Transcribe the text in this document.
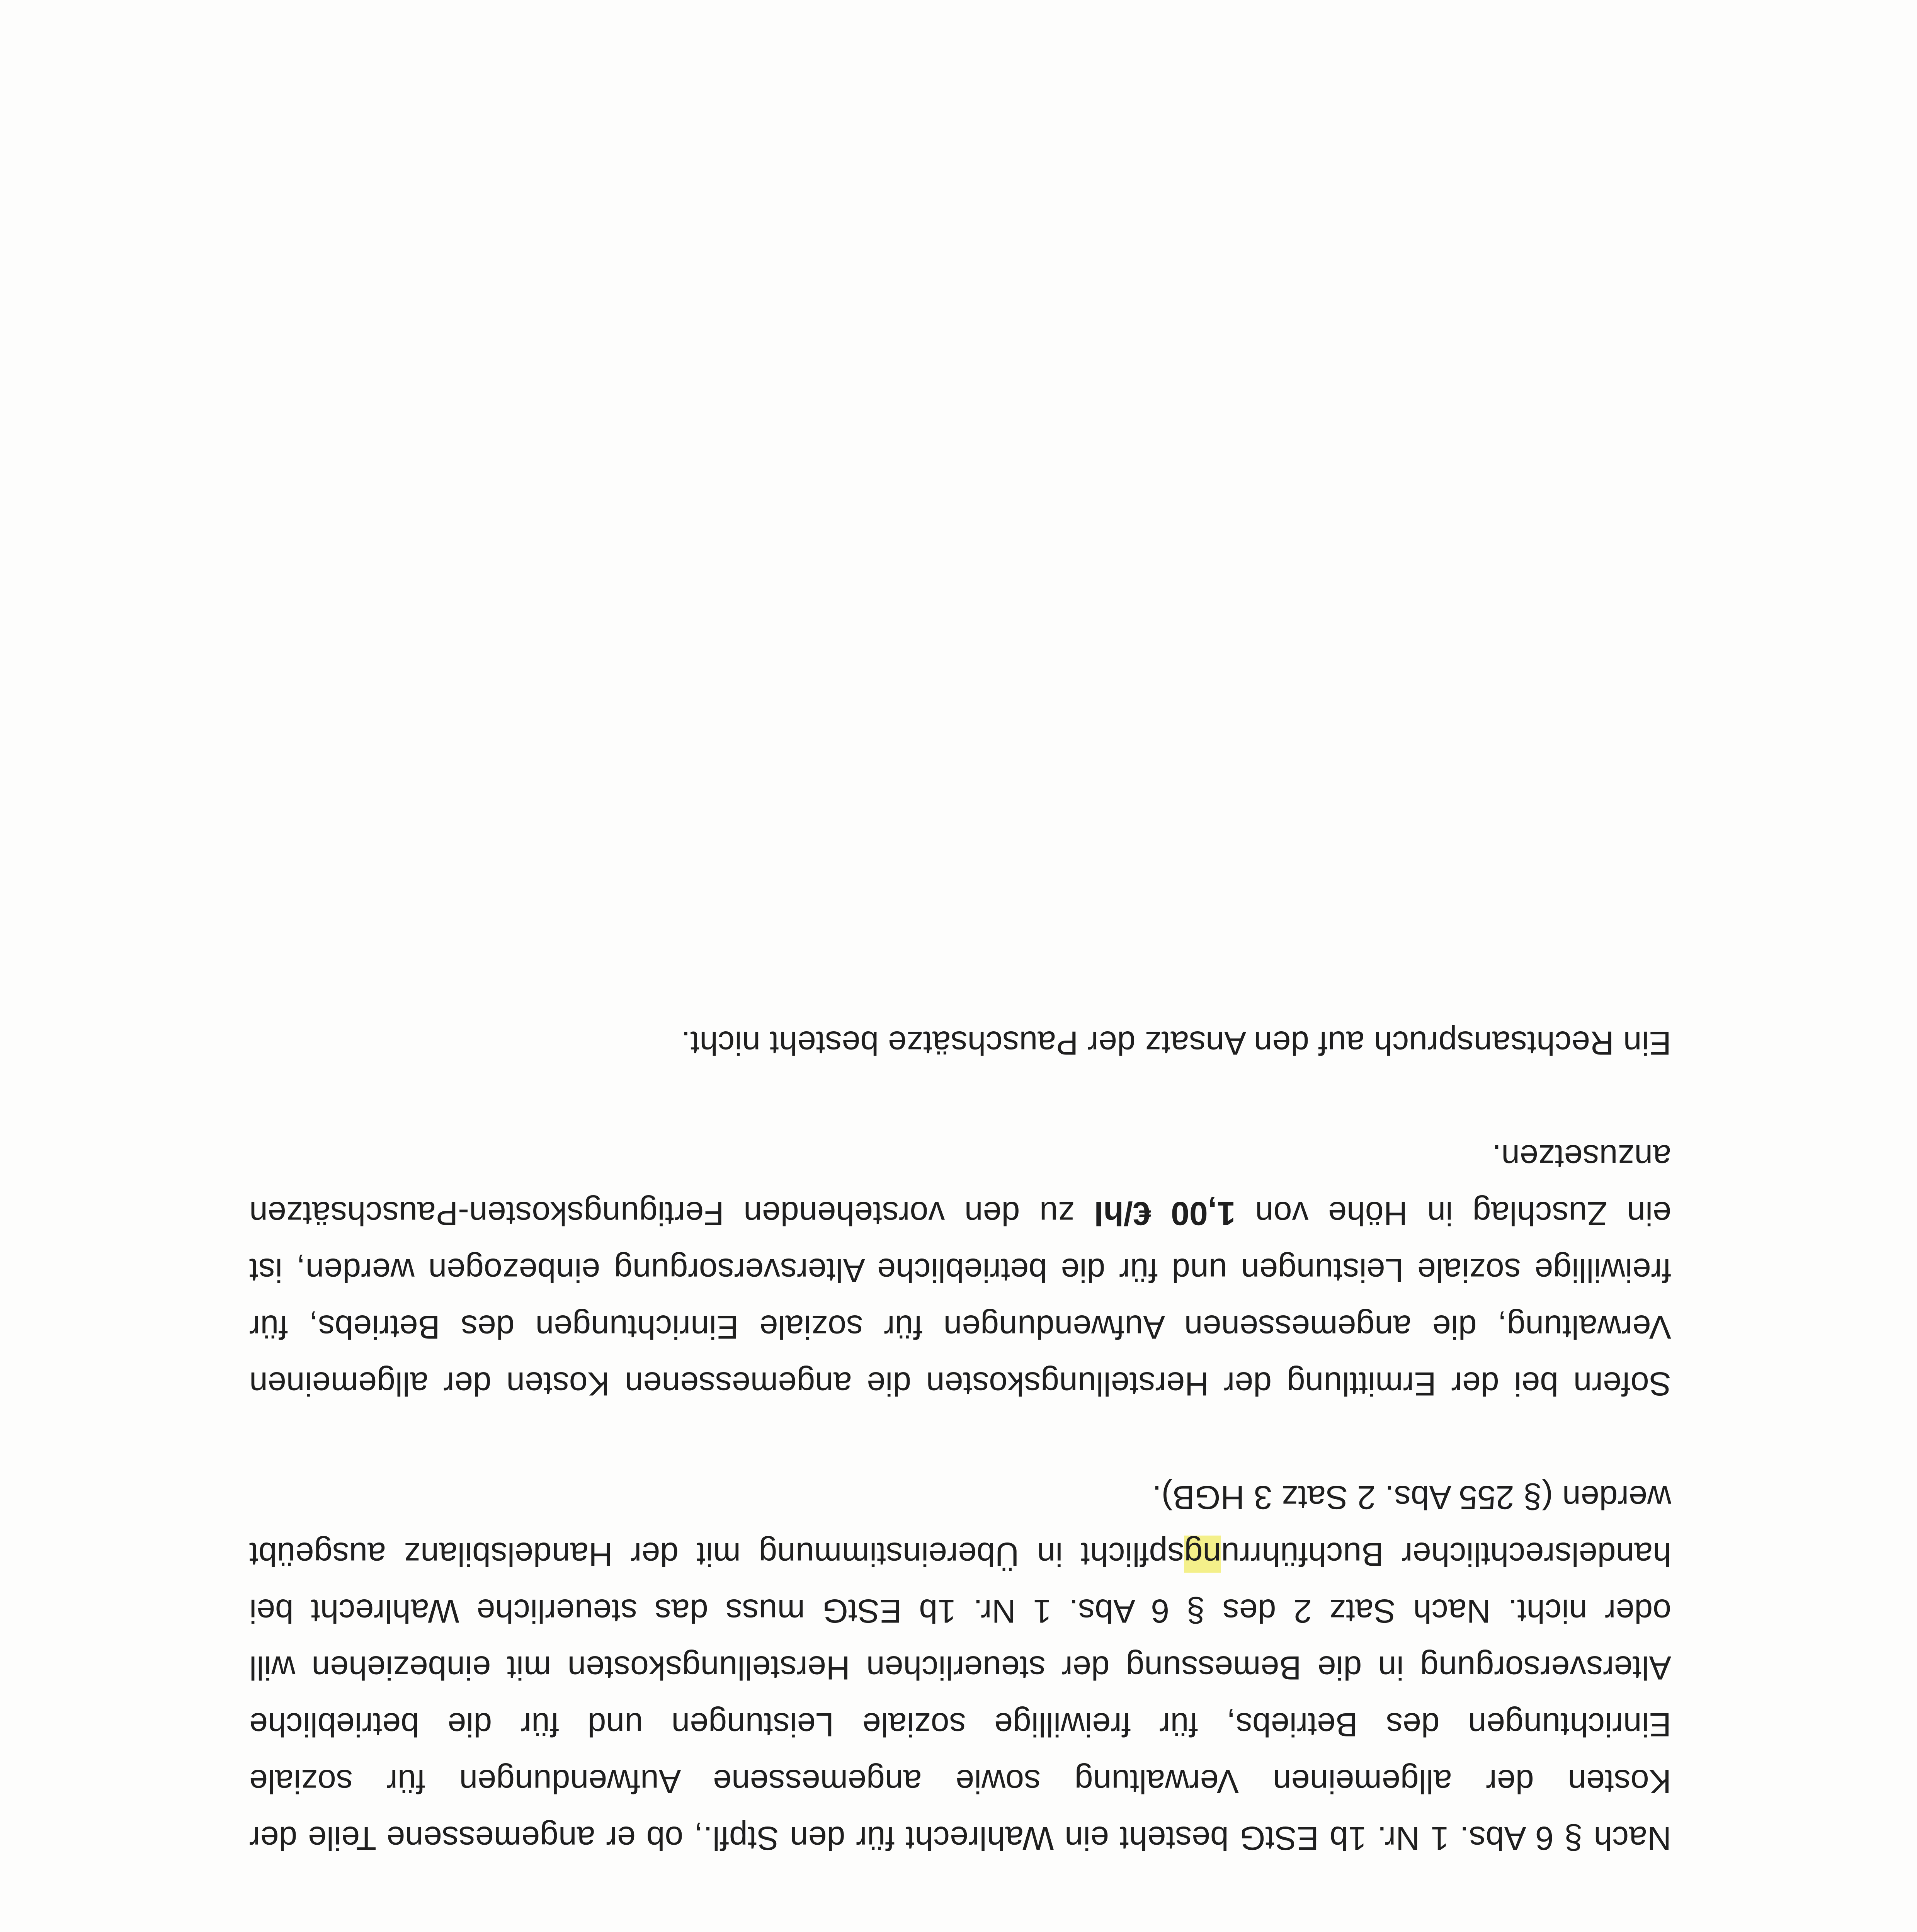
Nach § 6 Abs. 1 Nr. 1b EStG besteht ein Wahlrecht für den Stpfl., ob er angemessene Teile der Kosten der allgemeinen Verwaltung sowie angemessene Aufwendungen für soziale Einrichtungen des Betriebs, für freiwillige soziale Leistungen und für die betriebliche Altersversorgung in die Bemessung der steuerlichen Herstellungskosten mit einbeziehen will oder nicht. Nach Satz 2 des § 6 Abs. 1 Nr. 1b EStG muss das steuerliche Wahlrecht bei handelsrechtlicher Buchführrungspflicht in Übereinstimmung mit der Handelsbilanz ausgeübt werden (§ 255 Abs. 2 Satz 3 HGB).

Sofern bei der Ermittlung der Herstellungskosten die angemessenen Kosten der allgemeinen Verwaltung, die angemessenen Aufwendungen für soziale Einrichtungen des Betriebs, für freiwillige soziale Leistungen und für die betriebliche Altersversorgung einbezogen werden, ist ein Zuschlag in Höhe von 1,00 €/hl zu den vorstehenden Fertigungskosten-Pauschsätzen anzusetzen.

Ein Rechtsanspruch auf den Ansatz der Pauschsätze besteht nicht.
